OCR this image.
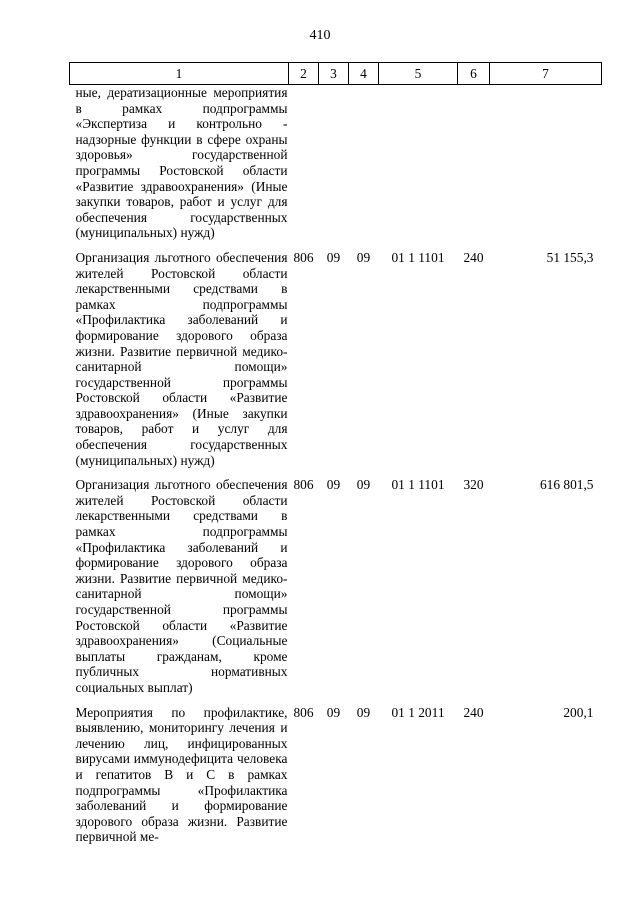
410
1	2	3	4	5	6	7
ные, дератизационные мероприятия в рамках подпрограммы «Экспертиза и контрольно - надзорные функции в сфере охраны здоровья» государственной программы Ростовской области «Развитие здравоохранения» (Иные закупки товаров, работ и услуг для обеспечения государственных (муниципальных) нужд)						
Организация льготного обеспечения жителей Ростовской области лекарственными средствами в рамках подпрограммы «Профилактика заболеваний и формирование здорового образа жизни. Развитие первичной медико-санитарной помощи» государственной программы Ростовской области «Развитие здравоохранения» (Иные закупки товаров, работ и услуг для обеспечения государственных (муниципальных) нужд)	806	09	09	01 1 1101	240	51 155,3
Организация льготного обеспечения жителей Ростовской области лекарственными средствами в рамках подпрограммы «Профилактика заболеваний и формирование здорового образа жизни. Развитие первичной медико-санитарной помощи» государственной программы Ростовской области «Развитие здравоохранения» (Социальные выплаты гражданам, кроме публичных нормативных социальных выплат)	806	09	09	01 1 1101	320	616 801,5
Мероприятия по профилактике, выявлению, мониторингу лечения и лечению лиц, инфицированных вирусами иммунодефицита человека и гепатитов В и С в рамках подпрограммы «Профилактика заболеваний и формирование здорового образа жизни. Развитие первичной ме-	806	09	09	01 1 2011	240	200,1
